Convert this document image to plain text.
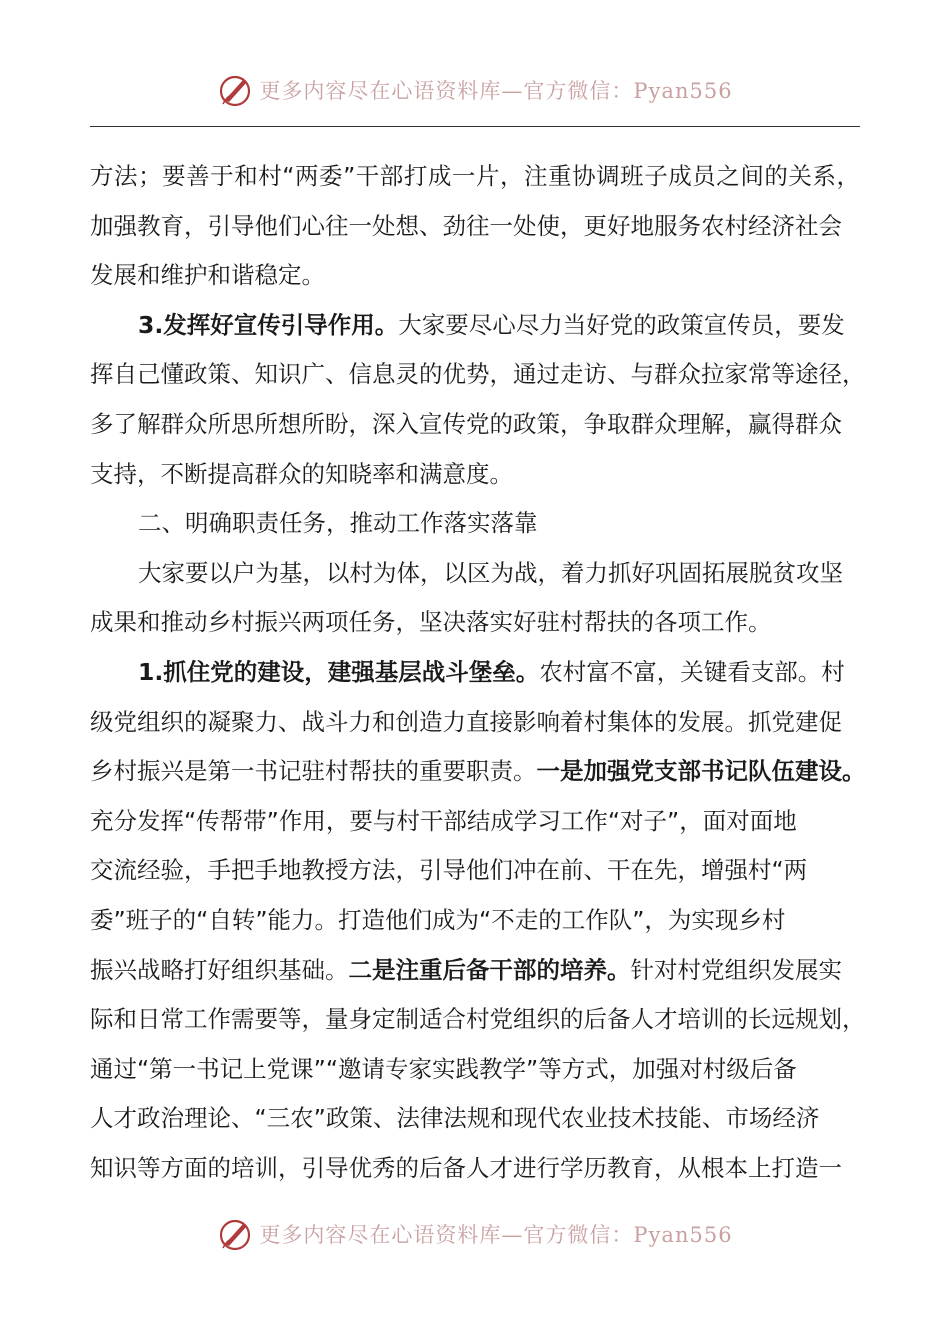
更多内容尽在心语资料库—官方微信：Pyan556
方法；要善于和村“两委”干部打成一片，注重协调班子成员之间的关系，
加强教育，引导他们心往一处想、劲往一处使，更好地服务农村经济社会
发展和维护和谐稳定。
3.发挥好宣传引导作用。大家要尽心尽力当好党的政策宣传员，要发
挥自己懂政策、知识广、信息灵的优势，通过走访、与群众拉家常等途径，
多了解群众所思所想所盼，深入宣传党的政策，争取群众理解，赢得群众
支持，不断提高群众的知晓率和满意度。
二、明确职责任务，推动工作落实落靠
大家要以户为基，以村为体，以区为战，着力抓好巩固拓展脱贫攻坚
成果和推动乡村振兴两项任务，坚决落实好驻村帮扶的各项工作。
1.抓住党的建设，建强基层战斗堡垒。农村富不富，关键看支部。村
级党组织的凝聚力、战斗力和创造力直接影响着村集体的发展。抓党建促
乡村振兴是第一书记驻村帮扶的重要职责。一是加强党支部书记队伍建设。
充分发挥“传帮带”作用，要与村干部结成学习工作“对子”，面对面地
交流经验，手把手地教授方法，引导他们冲在前、干在先，增强村“两
委”班子的“自转”能力。打造他们成为“不走的工作队”，为实现乡村
振兴战略打好组织基础。二是注重后备干部的培养。针对村党组织发展实
际和日常工作需要等，量身定制适合村党组织的后备人才培训的长远规划，
通过“第一书记上党课”“邀请专家实践教学”等方式，加强对村级后备
人才政治理论、“三农”政策、法律法规和现代农业技术技能、市场经济
知识等方面的培训，引导优秀的后备人才进行学历教育，从根本上打造一
更多内容尽在心语资料库—官方微信：Pyan556
